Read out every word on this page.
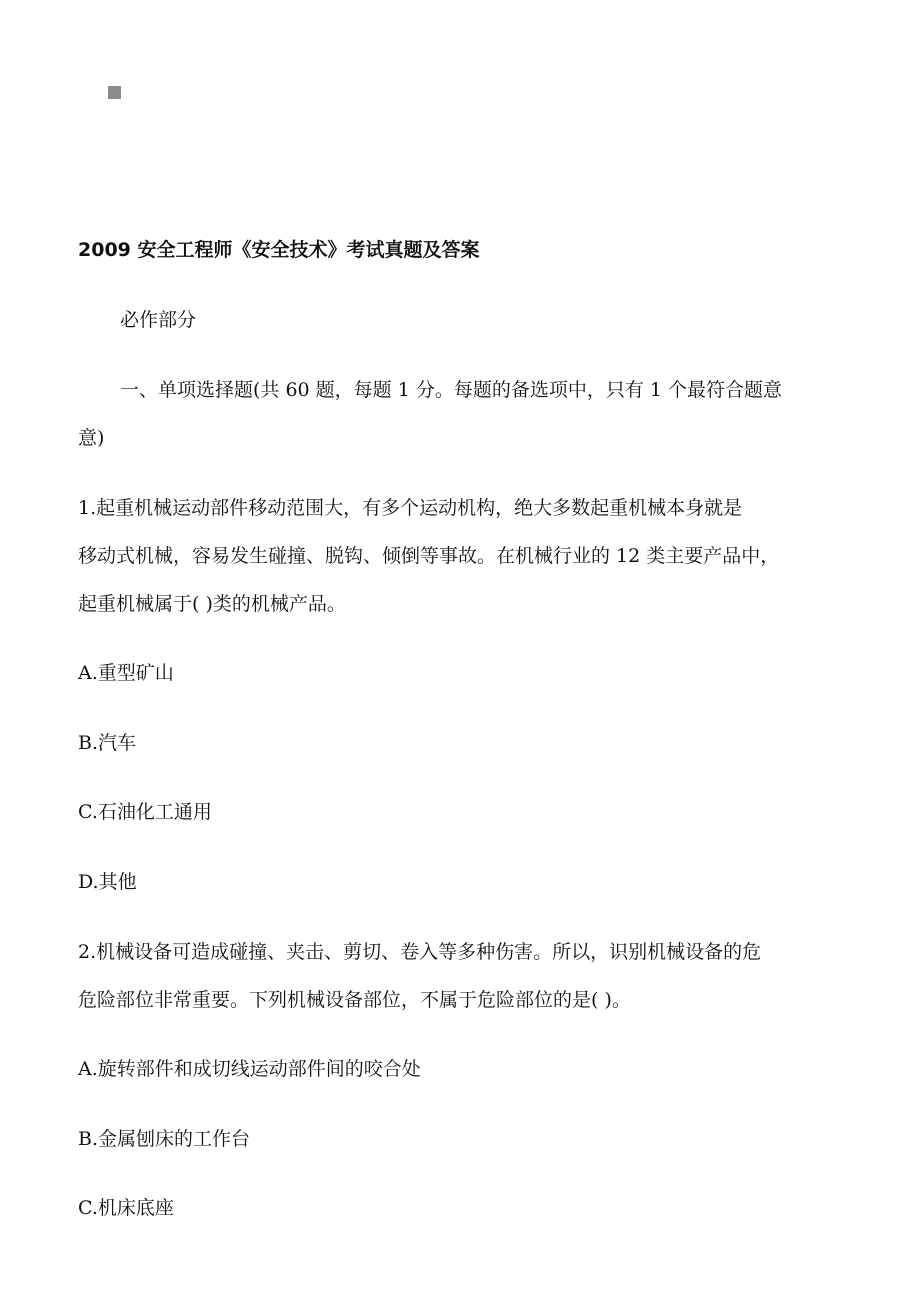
2009 安全工程师《安全技术》考试真题及答案
必作部分
一、单项选择题(共 60 题，每题 1 分。每题的备选项中，只有 1 个最符合题意
意)
1.起重机械运动部件移动范围大，有多个运动机构，绝大多数起重机械本身就是
移动式机械，容易发生碰撞、脱钩、倾倒等事故。在机械行业的 12 类主要产品中，
起重机械属于( )类的机械产品。
A.重型矿山
B.汽车
C.石油化工通用
D.其他
2.机械设备可造成碰撞、夹击、剪切、卷入等多种伤害。所以，识别机械设备的危
危险部位非常重要。下列机械设备部位，不属于危险部位的是( )。
A.旋转部件和成切线运动部件间的咬合处
B.金属刨床的工作台
C.机床底座
